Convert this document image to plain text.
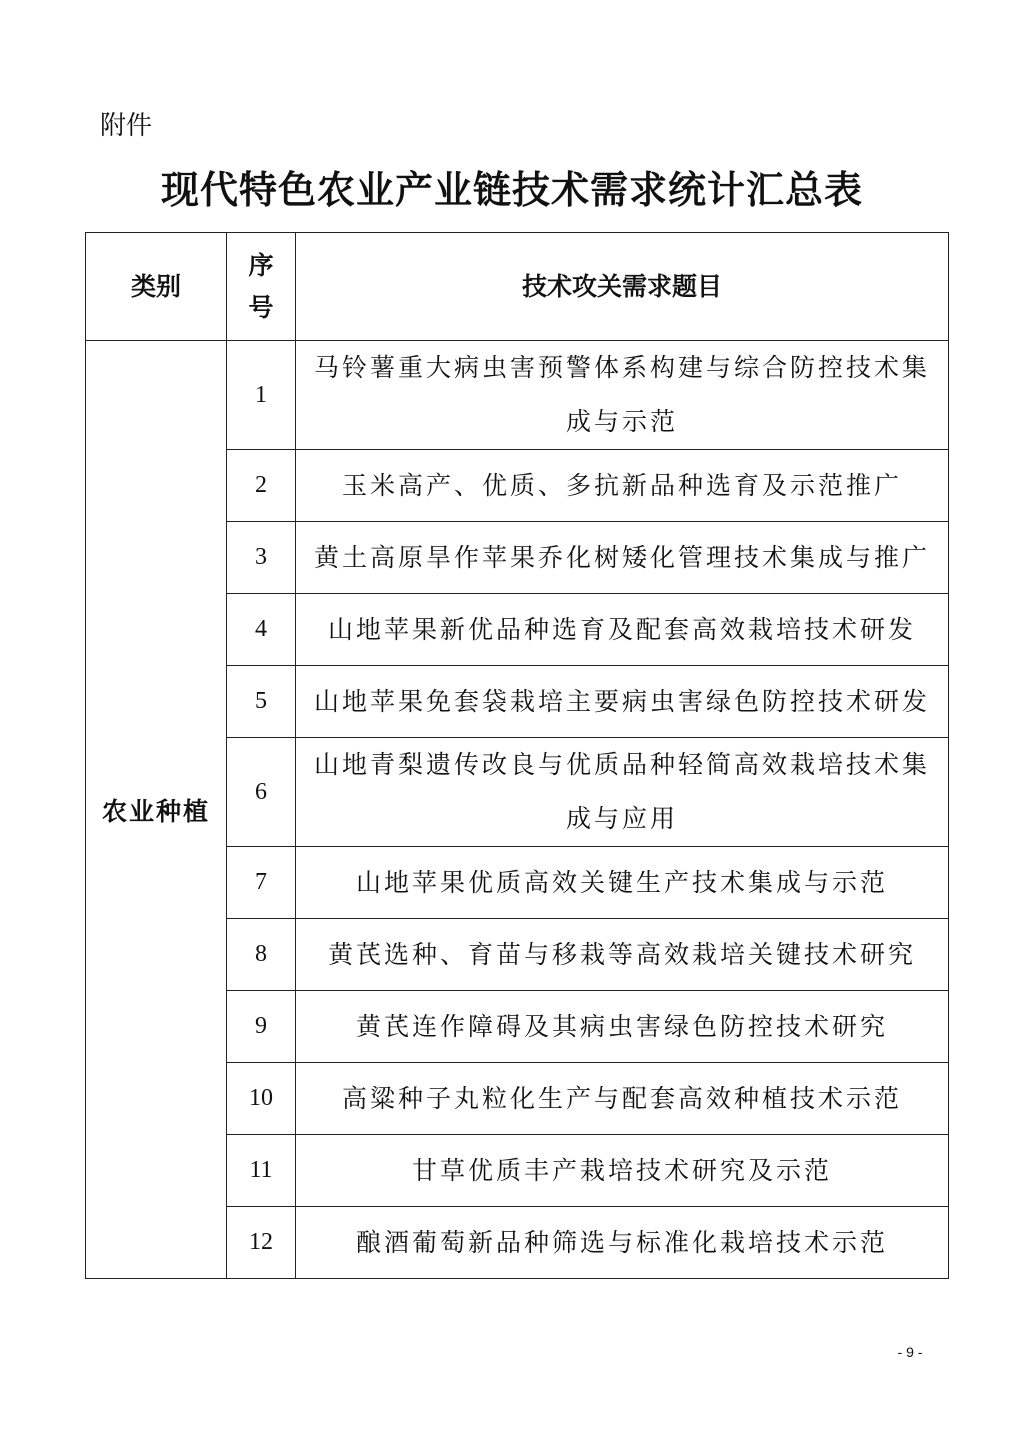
附件
现代特色农业产业链技术需求统计汇总表
类别	序号	技术攻关需求题目
农业种植	1	马铃薯重大病虫害预警体系构建与综合防控技术集成与示范
	2	玉米高产、优质、多抗新品种选育及示范推广
	3	黄土高原旱作苹果乔化树矮化管理技术集成与推广
	4	山地苹果新优品种选育及配套高效栽培技术研发
	5	山地苹果免套袋栽培主要病虫害绿色防控技术研发
	6	山地青梨遗传改良与优质品种轻简高效栽培技术集成与应用
	7	山地苹果优质高效关键生产技术集成与示范
	8	黄芪选种、育苗与移栽等高效栽培关键技术研究
	9	黄芪连作障碍及其病虫害绿色防控技术研究
	10	高粱种子丸粒化生产与配套高效种植技术示范
	11	甘草优质丰产栽培技术研究及示范
	12	酿酒葡萄新品种筛选与标准化栽培技术示范
- 9 -
